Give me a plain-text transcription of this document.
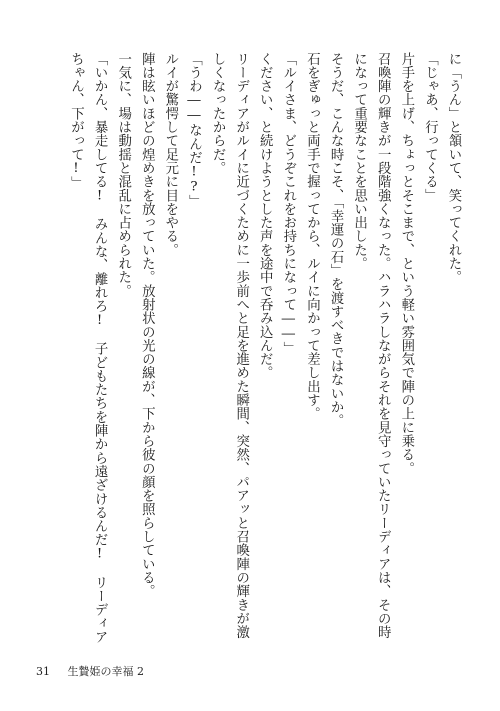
に「うん」と頷いて、笑ってくれた。
「じゃあ、行ってくる」
片手を上げ、ちょっとそこまで、という軽い雰囲気で陣の上に乗る。
召喚陣の輝きが一段階強くなった。ハラハラしながらそれを見守っていたリーディアは、その時
になって重要なことを思い出した。
そうだ、こんな時こそ、「幸運の石」を渡すべきではないか。
石をぎゅっと両手で握ってから、ルイに向かって差し出す。
「ルイさま、どうぞこれをお持ちになって――」
ください、と続けようとした声を途中で呑み込んだ。
リーディアがルイに近づくために一歩前へと足を進めた瞬間、突然、パアッと召喚陣の輝きが激
しくなったからだ。
「うわ――なんだ!?」
ルイが驚愕して足元に目をやる。
陣は眩いほどの煌めきを放っていた。放射状の光の線が、下から彼の顔を照らしている。
一気に、場は動揺と混乱に占められた。
「いかん、暴走してる!　みんな、離れろ!　子どもたちを陣から遠ざけるんだ!　リーディア
ちゃん、下がって!」
31 生贄姫の幸福 2
